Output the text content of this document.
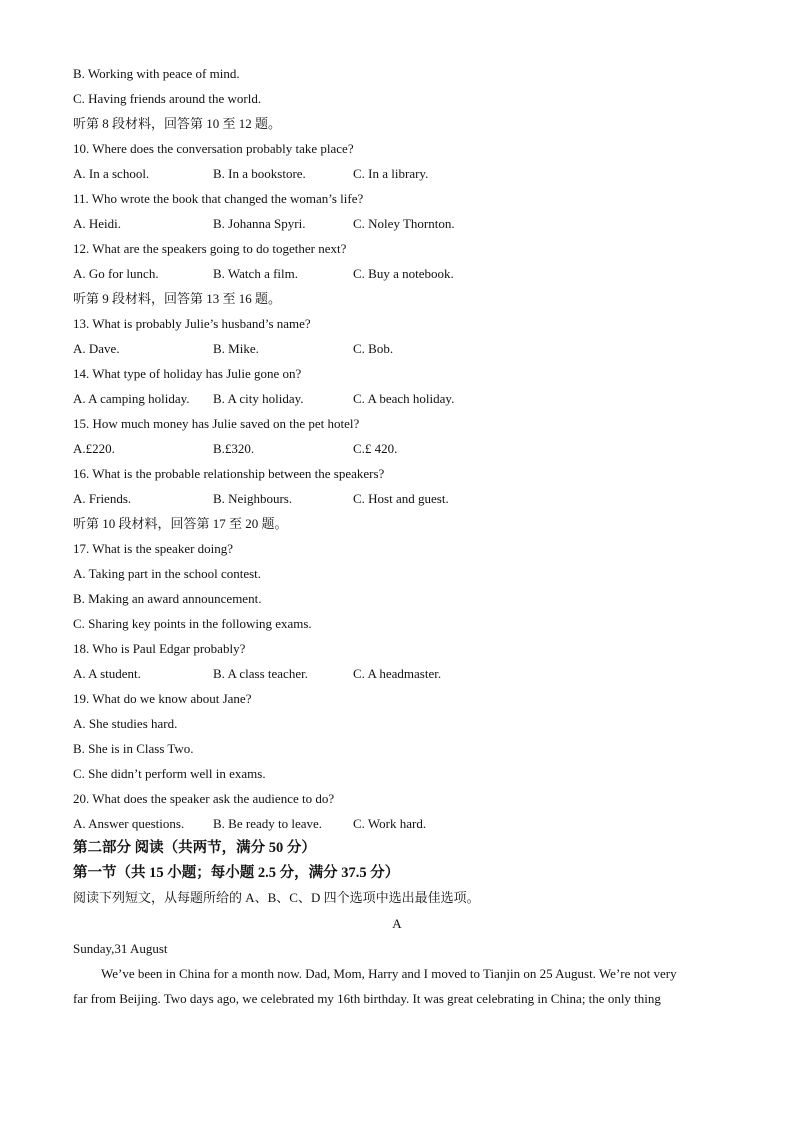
B. Working with peace of mind.
C. Having friends around the world.
听第 8 段材料，回答第 10 至 12 题。
10. Where does the conversation probably take place?
A. In a school.	B. In a bookstore.	C. In a library.
11. Who wrote the book that changed the woman’s life?
A. Heidi.	B. Johanna Spyri.	C. Noley Thornton.
12. What are the speakers going to do together next?
A. Go for lunch.	B. Watch a film.	C. Buy a notebook.
听第 9 段材料，回答第 13 至 16 题。
13. What is probably Julie’s husband’s name?
A. Dave.	B. Mike.	C. Bob.
14. What type of holiday has Julie gone on?
A. A camping holiday. B. A city holiday.	C. A beach holiday.
15. How much money has Julie saved on the pet hotel?
A.£220.	B.£320.	C.£ 420.
16. What is the probable relationship between the speakers?
A. Friends.	B. Neighbours.	C. Host and guest.
听第 10 段材料，回答第 17 至 20 题。
17. What is the speaker doing?
A. Taking part in the school contest.
B. Making an award announcement.
C. Sharing key points in the following exams.
18. Who is Paul Edgar probably?
A. A student.	B. A class teacher.	C. A headmaster.
19. What do we know about Jane?
A. She studies hard.
B. She is in Class Two.
C. She didn’t perform well in exams.
20. What does the speaker ask the audience to do?
A. Answer questions. B. Be ready to leave. C. Work hard.
第二部分 阅读（共两节，满分 50 分）
第一节（共 15 小题；每小题 2.5 分，满分 37.5 分）
阅读下列短文，从每题所给的 A、B、C、D 四个选项中选出最佳选项。
A
Sunday,31 August
We’ve been in China for a month now. Dad, Mom, Harry and I moved to Tianjin on 25 August. We’re not very
far from Beijing. Two days ago, we celebrated my 16th birthday. It was great celebrating in China; the only thing
